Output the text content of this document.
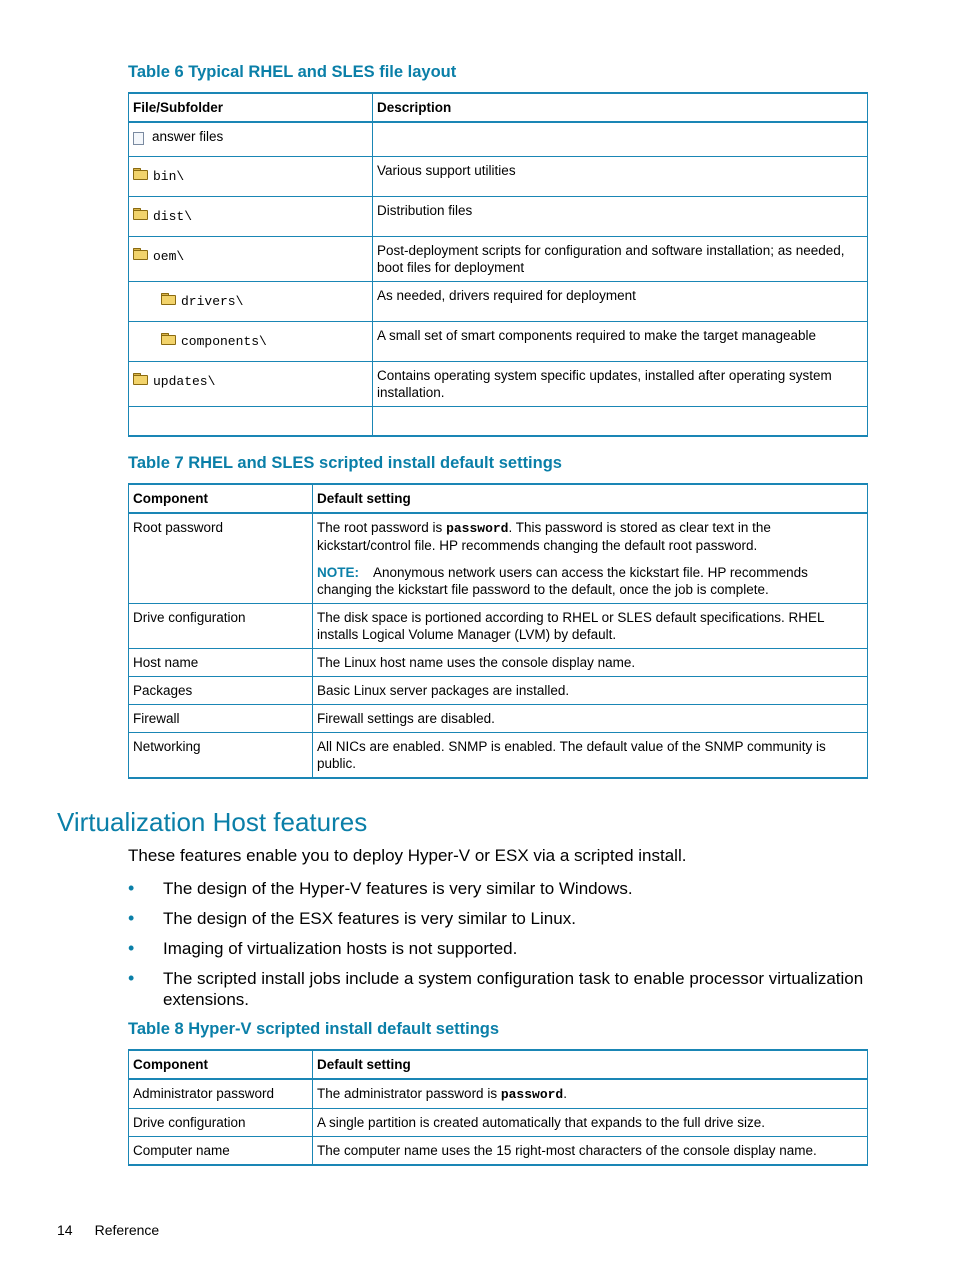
Table 6 Typical RHEL and SLES file layout
File/Subfolder	Description

answer files	

bin\	Various support utilities

dist\	Distribution files

oem\	Post-deployment scripts for configuration and software installation; as needed, boot files for deployment

drivers\	As needed, drivers required for deployment

components\	A small set of smart components required to make the target manageable

updates\	Contains operating system specific updates, installed after operating system installation.

Table 7 RHEL and SLES scripted install default settings
Component	Default setting
Root password	The root password is password. This password is stored as clear text in the kickstart/control file. HP recommends changing the default root password.
NOTE: Anonymous network users can access the kickstart file. HP recommends changing the kickstart file password to the default, once the job is complete.

Drive configuration	The disk space is portioned according to RHEL or SLES default specifications. RHEL installs Logical Volume Manager (LVM) by default.
Host name	The Linux host name uses the console display name.
Packages	Basic Linux server packages are installed.
Firewall	Firewall settings are disabled.
Networking	All NICs are enabled. SNMP is enabled. The default value of the SNMP community is public.
Virtualization Host features

These features enable you to deploy Hyper-V or ESX via a scripted install.

• The design of the Hyper-V features is very similar to Windows.
• The design of the ESX features is very similar to Linux.
• Imaging of virtualization hosts is not supported.
• The scripted install jobs include a system configuration task to enable processor virtualization extensions.
Table 8 Hyper-V scripted install default settings
Component	Default setting
Administrator password	The administrator password is password.
Drive configuration	A single partition is created automatically that expands to the full drive size.
Computer name	The computer name uses the 15 right-most characters of the console display name.
14 Reference
